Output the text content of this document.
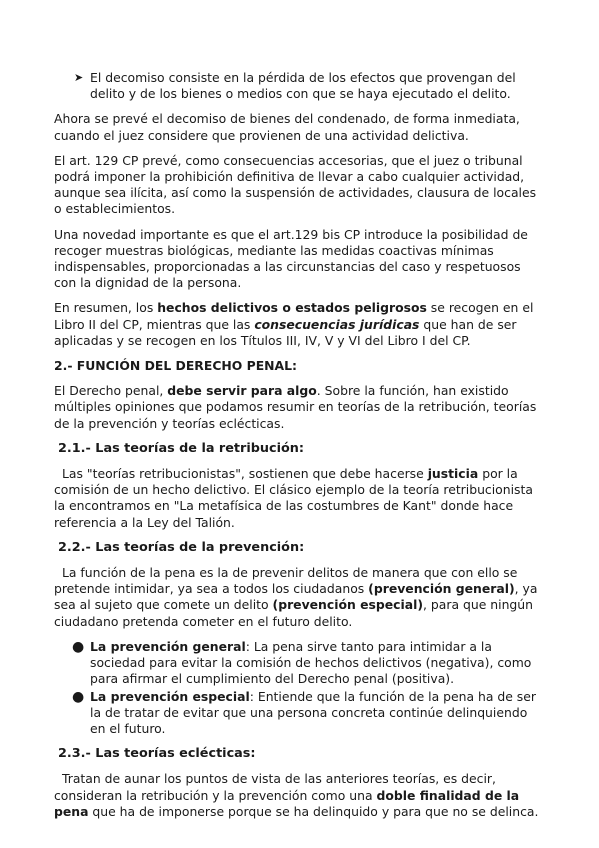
➤ El decomiso consiste en la pérdida de los efectos que provengan del delito y de los bienes o medios con que se haya ejecutado el delito.

Ahora se prevé el decomiso de bienes del condenado, de forma inmediata, cuando el juez considere que provienen de una actividad delictiva.

El art. 129 CP prevé, como consecuencias accesorias, que el juez o tribunal podrá imponer la prohibición definitiva de llevar a cabo cualquier actividad, aunque sea ilícita, así como la suspensión de actividades, clausura de locales o establecimientos.

Una novedad importante es que el art.129 bis CP introduce la posibilidad de recoger muestras biológicas, mediante las medidas coactivas mínimas indispensables, proporcionadas a las circunstancias del caso y respetuosos con la dignidad de la persona.

En resumen, los hechos delictivos o estados peligrosos se recogen en el Libro II del CP, mientras que las consecuencias jurídicas que han de ser aplicadas y se recogen en los Títulos III, IV, V y VI del Libro I del CP.

2.- FUNCIÓN DEL DERECHO PENAL:

El Derecho penal, debe servir para algo. Sobre la función, han existido múltiples opiniones que podamos resumir en teorías de la retribución, teorías de la prevención y teorías eclécticas.

2.1.- Las teorías de la retribución:

Las "teorías retribucionistas", sostienen que debe hacerse justicia por la comisión de un hecho delictivo. El clásico ejemplo de la teoría retribucionista la encontramos en "La metafísica de las costumbres de Kant" donde hace referencia a la Ley del Talión.

2.2.- Las teorías de la prevención:

La función de la pena es la de prevenir delitos de manera que con ello se pretende intimidar, ya sea a todos los ciudadanos (prevención general), ya sea al sujeto que comete un delito (prevención especial), para que ningún ciudadano pretenda cometer en el futuro delito.

● La prevención general: La pena sirve tanto para intimidar a la sociedad para evitar la comisión de hechos delictivos (negativa), como para afirmar el cumplimiento del Derecho penal (positiva).
● La prevención especial: Entiende que la función de la pena ha de ser la de tratar de evitar que una persona concreta continúe delinquiendo en el futuro.
2.3.- Las teorías eclécticas:

Tratan de aunar los puntos de vista de las anteriores teorías, es decir, consideran la retribución y la prevención como una doble finalidad de la pena que ha de imponerse porque se ha delinquido y para que no se delinca.
